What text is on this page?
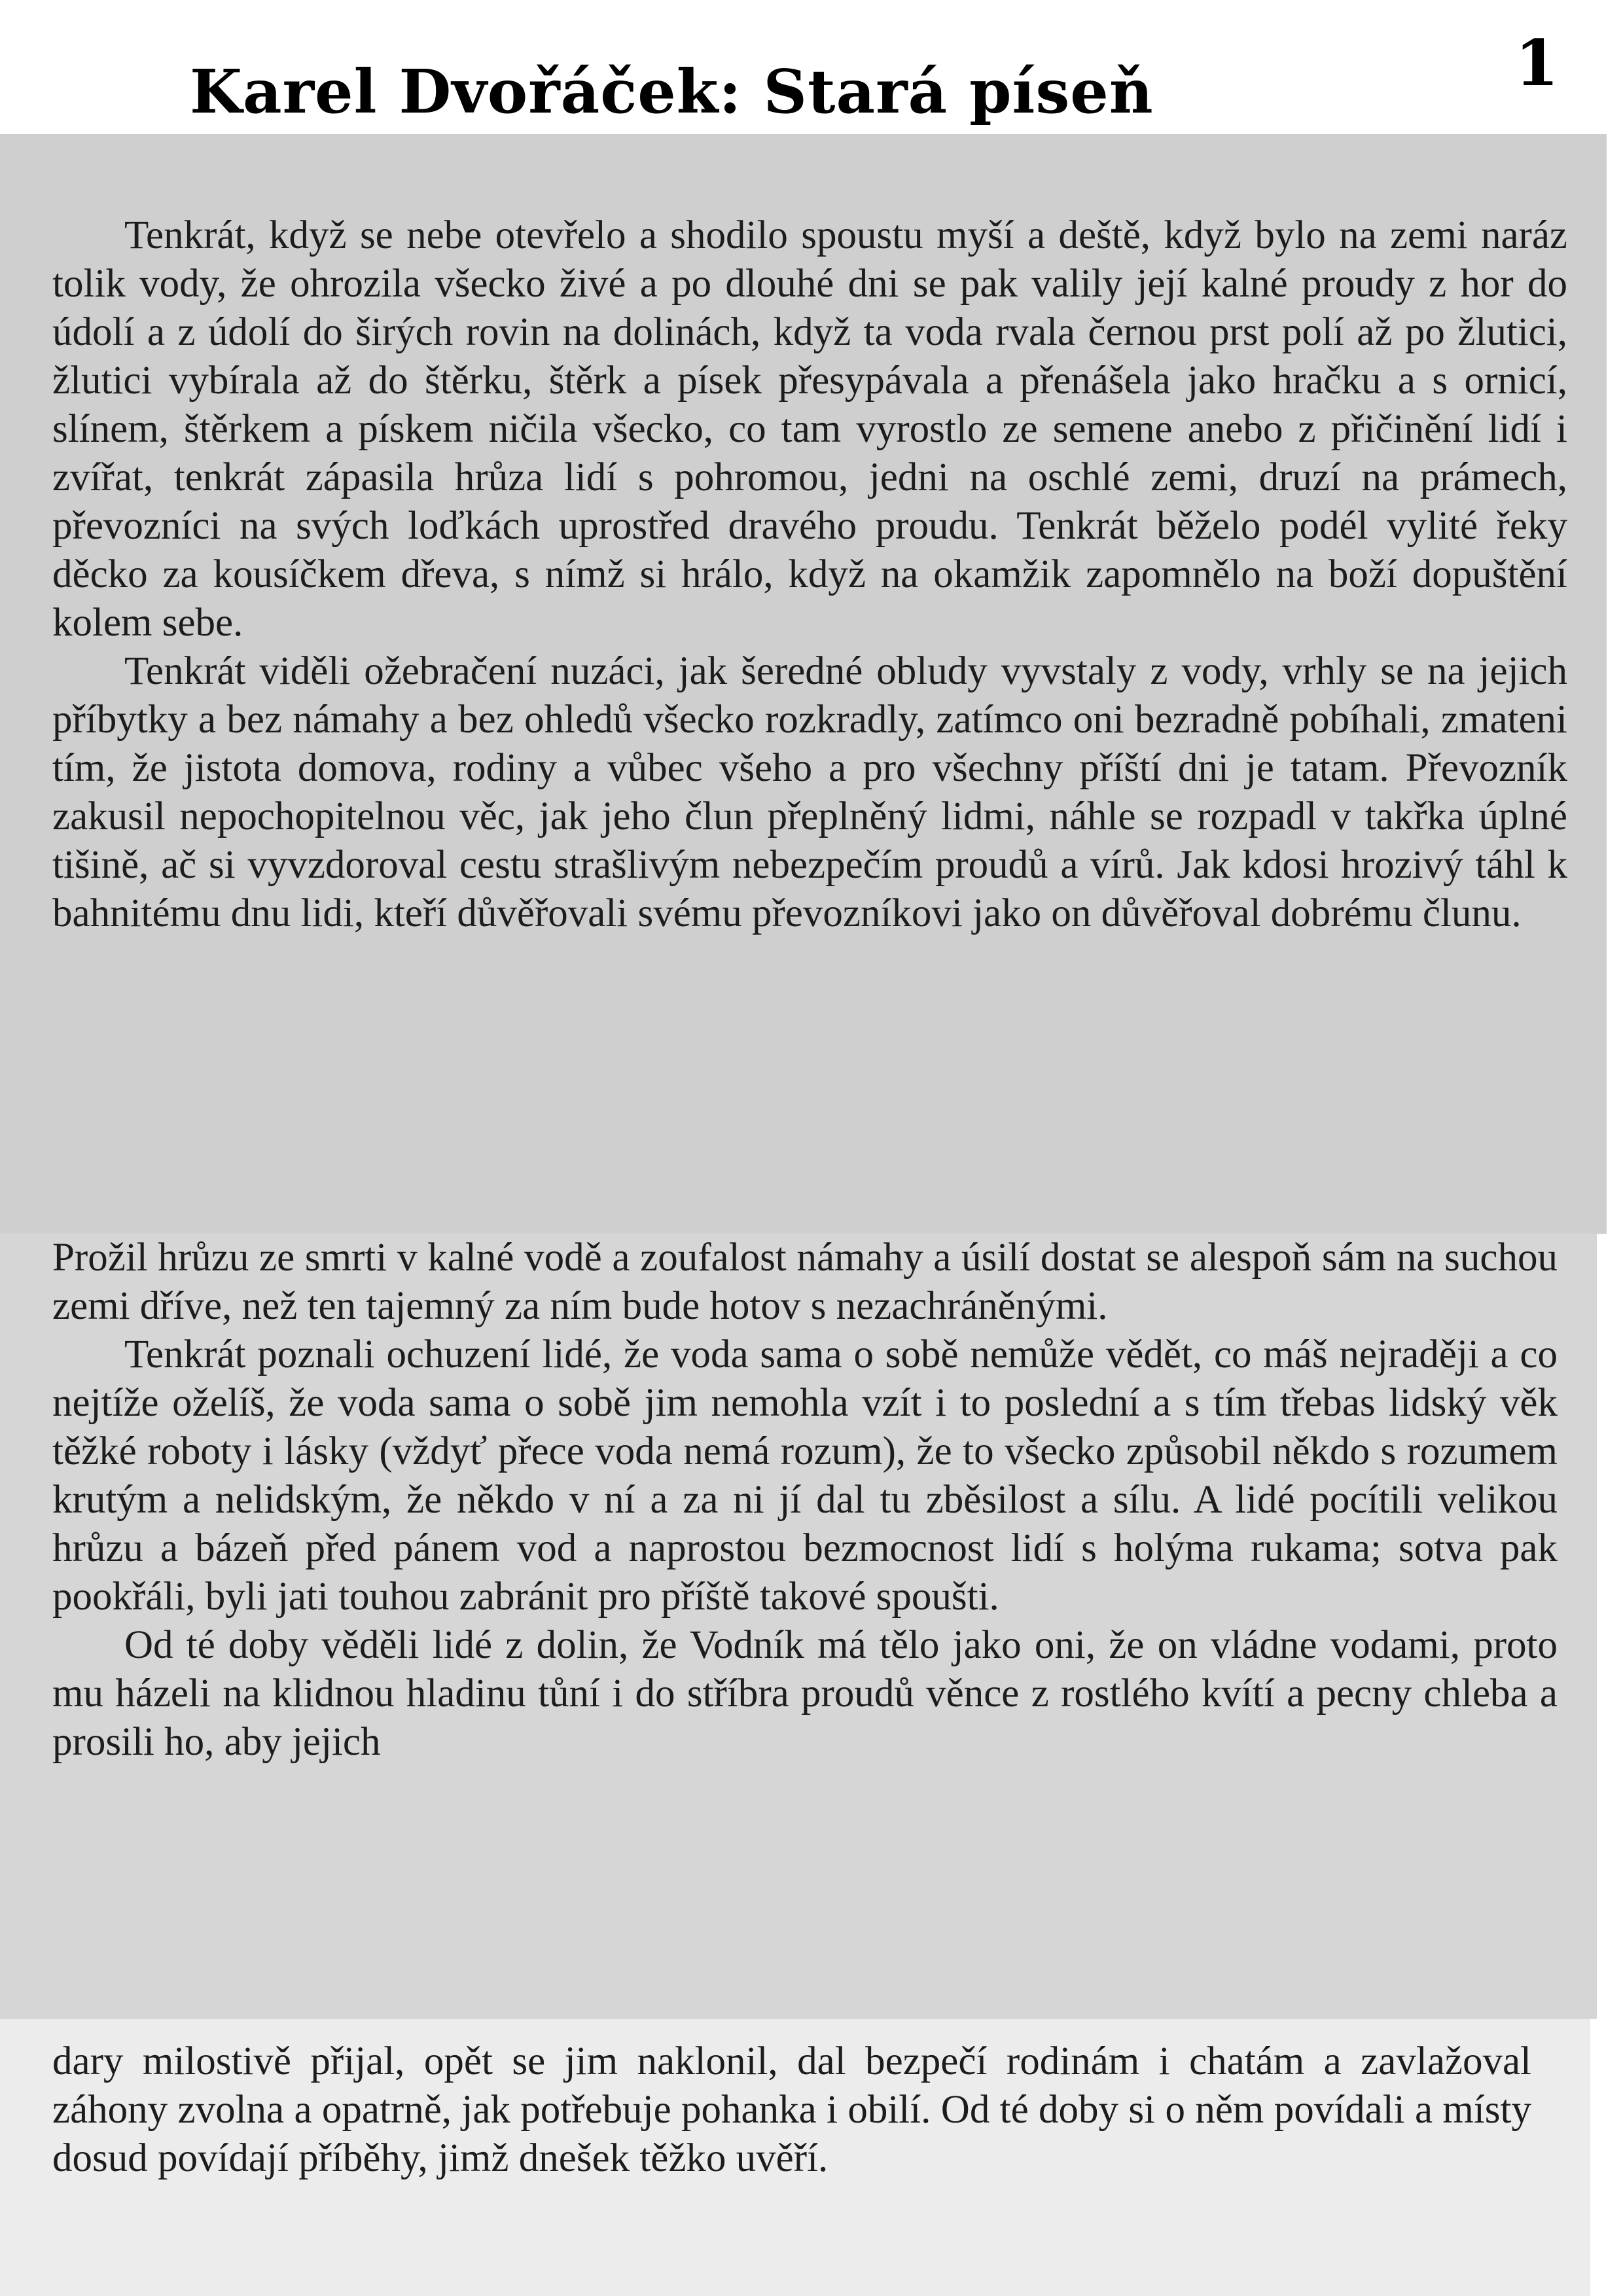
Karel Dvořáček: Stará píseň	1

Tenkrát, když se nebe otevřelo a shodilo spoustu myší a deště, když bylo na zemi naráz tolik vody, že ohrozila všecko živé a po dlouhé dni se pak valily její kalné proudy z hor do údolí a z údolí do širých rovin na dolinách, když ta voda rvala černou prst polí až po žlutici, žlutici vybírala až do štěrku, štěrk a písek přesypávala a přenášela jako hračku a s ornicí, slínem, štěrkem a pískem ničila všecko, co tam vyrostlo ze semene anebo z přičinění lidí i zvířat, tenkrát zápasila hrůza lidí s pohromou, jedni na oschlé zemi, druzí na prámech, převozníci na svých loďkách uprostřed dravého proudu. Tenkrát běželo podél vylité řeky děcko za kousíčkem dřeva, s nímž si hrálo, když na okamžik zapomnělo na boží dopuštění kolem sebe.

Tenkrát viděli ožebračení nuzáci, jak šeredné obludy vyvstaly z vody, vrhly se na jejich příbytky a bez námahy a bez ohledů všecko rozkradly, zatímco oni bezradně pobíhali, zmateni tím, že jistota domova, rodiny a vůbec všeho a pro všechny příští dni je tatam. Převozník zakusil nepochopitelnou věc, jak jeho člun přeplněný lidmi, náhle se rozpadl v takřka úplné tišině, ač si vyvzdoroval cestu strašlivým nebezpečím proudů a vírů. Jak kdosi hrozivý táhl k bahnitému dnu lidi, kteří důvěřovali svému převozníkovi jako on důvěřoval dobrému člunu.

Prožil hrůzu ze smrti v kalné vodě a zoufalost námahy a úsilí dostat se alespoň sám na suchou zemi dříve, než ten tajemný za ním bude hotov s nezachráněnými.

Tenkrát poznali ochuzení lidé, že voda sama o sobě nemůže vědět, co máš nejraději a co nejtíže oželíš, že voda sama o sobě jim nemohla vzít i to poslední a s tím třebas lidský věk těžké roboty i lásky (vždyť přece voda nemá rozum), že to všecko způsobil někdo s rozumem krutým a nelidským, že někdo v ní a za ni jí dal tu zběsilost a sílu. A lidé pocítili velikou hrůzu a bázeň před pánem vod a naprostou bezmocnost lidí s holýma rukama; sotva pak pookřáli, byli jati touhou zabránit pro příště takové spoušti.

Od té doby věděli lidé z dolin, že Vodník má tělo jako oni, že on vládne vodami, proto mu házeli na klidnou hladinu tůní i do stříbra proudů věnce z rostlého kvítí a pecny chleba a prosili ho, aby jejich

dary milostivě přijal, opět se jim naklonil, dal bezpečí rodinám i chatám a zavlažoval záhony zvolna a opatrně, jak potřebuje pohanka i obilí. Od té doby si o něm povídali a místy dosud povídají příběhy, jimž dnešek těžko uvěří.
